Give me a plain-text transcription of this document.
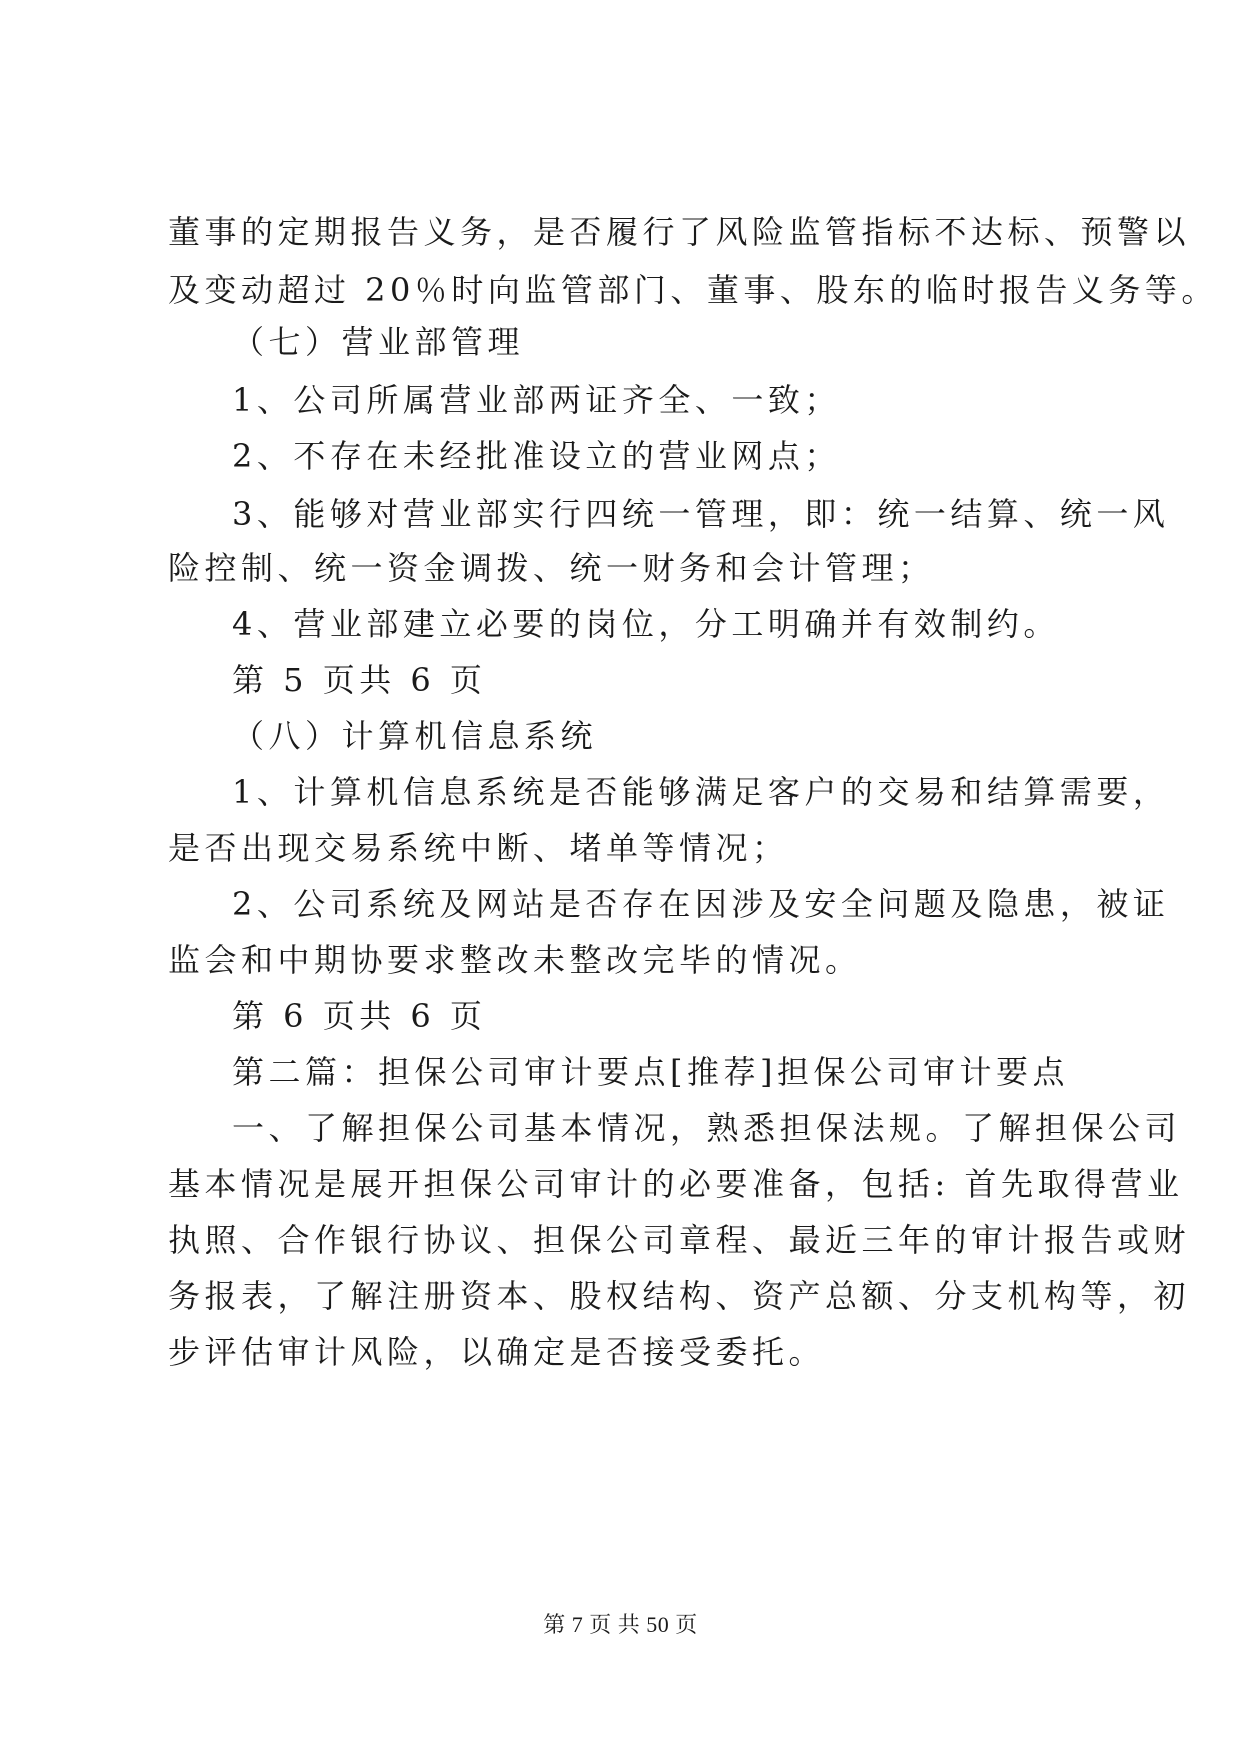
董事的定期报告义务，是否履行了风险监管指标不达标、预警以
及变动超过 20％时向监管部门、董事、股东的临时报告义务等。
（七）营业部管理
1、公司所属营业部两证齐全、一致；
2、不存在未经批准设立的营业网点；
3、能够对营业部实行四统一管理，即：统一结算、统一风
险控制、统一资金调拨、统一财务和会计管理；
4、营业部建立必要的岗位，分工明确并有效制约。
第 5 页共 6 页
（八）计算机信息系统
1、计算机信息系统是否能够满足客户的交易和结算需要，
是否出现交易系统中断、堵单等情况；
2、公司系统及网站是否存在因涉及安全问题及隐患，被证
监会和中期协要求整改未整改完毕的情况。
第 6 页共 6 页
第二篇：担保公司审计要点[推荐]担保公司审计要点
一、了解担保公司基本情况，熟悉担保法规。了解担保公司
基本情况是展开担保公司审计的必要准备，包括: 首先取得营业
执照、合作银行协议、担保公司章程、最近三年的审计报告或财
务报表，了解注册资本、股权结构、资产总额、分支机构等，初
步评估审计风险，以确定是否接受委托。
第 7 页 共 50 页
